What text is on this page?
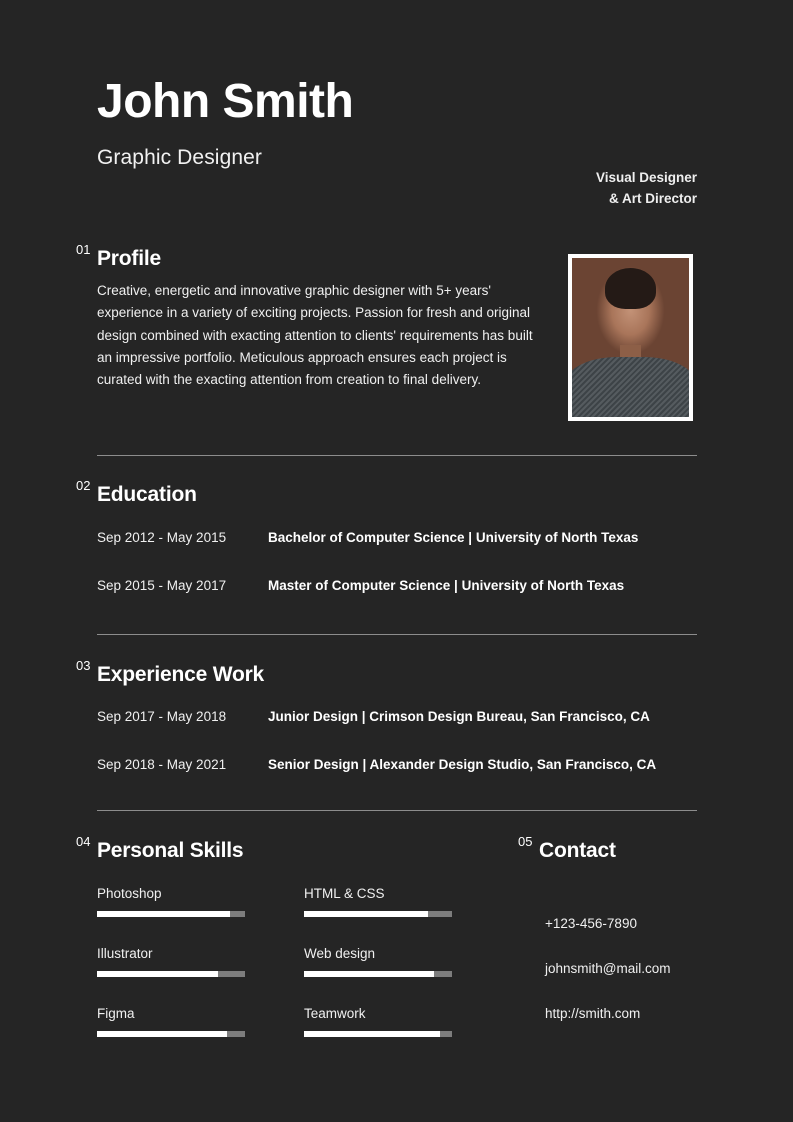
John Smith
Graphic Designer
Visual Designer
& Art Director
01 Profile
Creative, energetic and innovative graphic designer with 5+ years' experience in a variety of exciting projects. Passion for fresh and original design combined with exacting attention to clients' requirements has built an impressive portfolio. Meticulous approach ensures each project is curated with the exacting attention from creation to final delivery.
02 Education
Sep 2012 - May 2015	Bachelor of Computer Science | University of North Texas
Sep 2015 - May 2017	Master of Computer Science | University of North Texas
03 Experience Work
Sep 2017 - May 2018	Junior Design | Crimson Design Bureau, San Francisco, CA
Sep 2018 - May 2021	Senior Design | Alexander Design Studio, San Francisco, CA
04 Personal Skills
Photoshop
Illustrator
Figma
HTML & CSS
Web design
Teamwork
05 Contact
+123-456-7890
johnsmith@mail.com
http://smith.com
